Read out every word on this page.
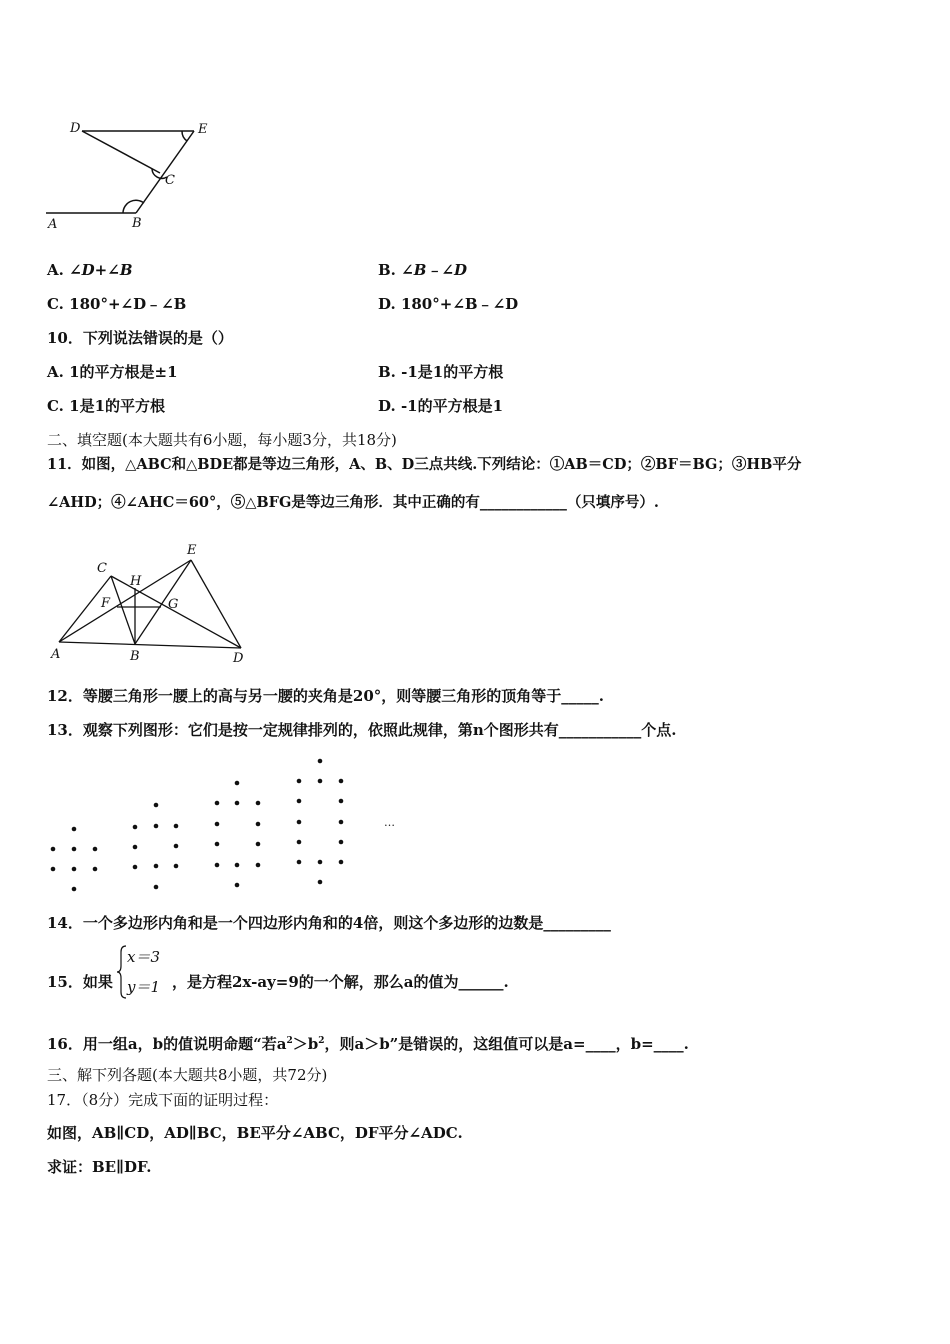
D	E
C
A	B
A. ∠D+∠B	B. ∠B﹣∠D
C. 180°+∠D﹣∠B	D. 180°+∠B﹣∠D
10．下列说法错误的是（）
A. 1的平方根是±1	B. -1是1的平方根
C. 1是1的平方根	D. -1的平方根是1
二、填空题(本大题共有6小题，每小题3分，共18分)
11．如图，△ABC和△BDE都是等边三角形，A、B、D三点共线.下列结论：①AB＝CD；②BF＝BG；③HB平分
∠AHD；④∠AHC＝60°，⑤△BFG是等边三角形．其中正确的有____________（只填序号）.
C
H
E
F	G
A	B	D
12．等腰三角形一腰上的高与另一腰的夹角是20°，则等腰三角形的顶角等于_____.
13．观察下列图形：它们是按一定规律排列的，依照此规律，第n个图形共有___________个点.
…
14．一个多边形内角和是一个四边形内角和的4倍，则这个多边形的边数是_________
15．如果
x＝3
y＝1 ，是方程2x-ay=9的一个解，那么a的值为______.
16．用一组a，b的值说明命题“若$a^2>b^2$，则a＞b”是错误的，这组值可以是a=____，b=____.
三、解下列各题(本大题共8小题，共72分)
17．（8分）完成下面的证明过程：
如图，AB∥CD，AD∥BC，BE平分∠ABC，DF平分∠ADC.
求证：BE∥DF.
